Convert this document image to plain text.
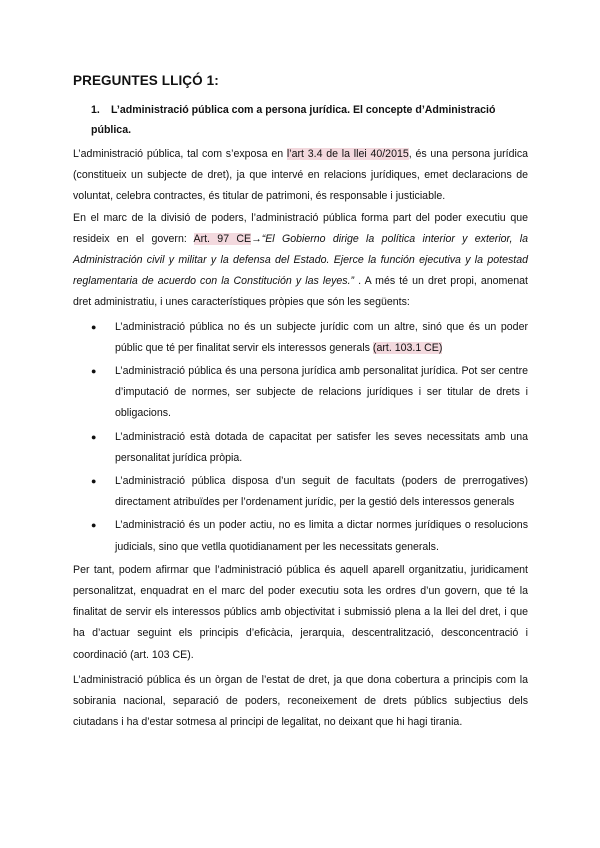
PREGUNTES LLIÇÓ 1:
1. L’administració pública com a persona jurídica. El concepte d’Administració pública.

L’administració pública, tal com s’exposa en l’art 3.4 de la llei 40/2015, és una persona jurídica (constitueix un subjecte de dret), ja que intervé en relacions jurídiques, emet declaracions de voluntat, celebra contractes, és titular de patrimoni, és responsable i justiciable.

En el marc de la divisió de poders, l’administració pública forma part del poder executiu que resideix en el govern: Art. 97 CE→“El Gobierno dirige la política interior y exterior, la Administración civil y militar y la defensa del Estado. Ejerce la función ejecutiva y la potestad reglamentaria de acuerdo con la Constitución y las leyes.” . A més té un dret propi, anomenat dret administratiu, i unes característiques pròpies que són les següents:

● L’administració pública no és un subjecte jurídic com un altre, sinó que és un poder públic que té per finalitat servir els interessos generals (art. 103.1 CE)
● L’administració pública és una persona jurídica amb personalitat jurídica. Pot ser centre d’imputació de normes, ser subjecte de relacions jurídiques i ser titular de drets i obligacions.
● L’administració està dotada de capacitat per satisfer les seves necessitats amb una personalitat jurídica pròpia.
● L’administració pública disposa d’un seguit de facultats (poders de prerrogatives) directament atribuïdes per l’ordenament jurídic, per la gestió dels interessos generals
● L’administració és un poder actiu, no es limita a dictar normes jurídiques o resolucions judicials, sino que vetlla quotidianament per les necessitats generals.

Per tant, podem afirmar que l’administració pública és aquell aparell organitzatiu, juridicament personalitzat, enquadrat en el marc del poder executiu sota les ordres d’un govern, que té la finalitat de servir els interessos públics amb objectivitat i submissió plena a la llei del dret, i que ha d’actuar seguint els principis d’eficàcia, jerarquia, descentralització, desconcentració i coordinació (art. 103 CE).

L’administració pública és un òrgan de l’estat de dret, ja que dona cobertura a principis com la sobirania nacional, separació de poders, reconeixement de drets públics subjectius dels ciutadans i ha d’estar sotmesa al principi de legalitat, no deixant que hi hagi tirania.
